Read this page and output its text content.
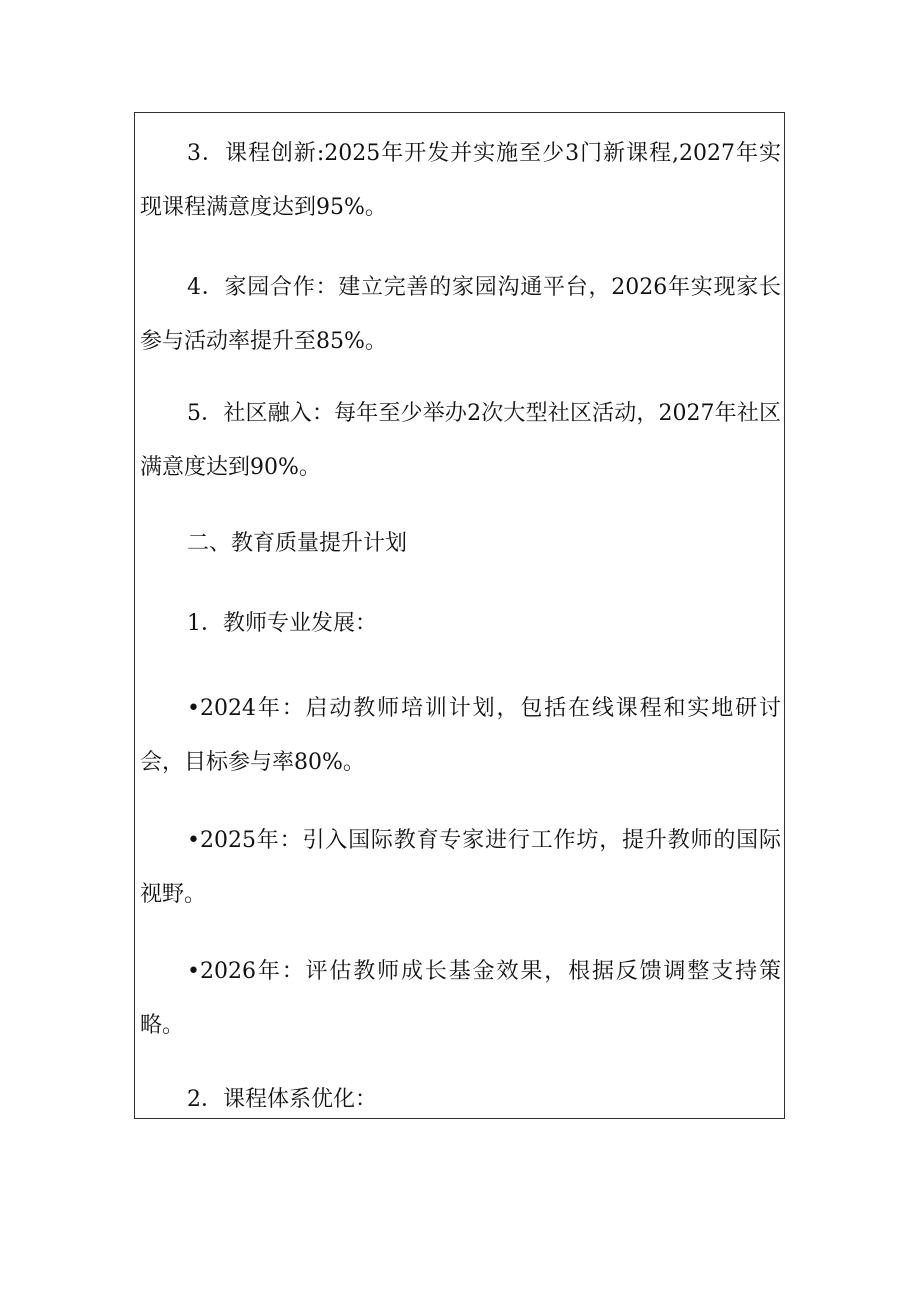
3．课程创新:2025年开发并实施至少3门新课程,2027年实现课程满意度达到95%。

4．家园合作：建立完善的家园沟通平台，2026年实现家长参与活动率提升至85%。

5．社区融入：每年至少举办2次大型社区活动，2027年社区满意度达到90%。

二、教育质量提升计划

1．教师专业发展：

•2024年：启动教师培训计划，包括在线课程和实地研讨会，目标参与率80%。

•2025年：引入国际教育专家进行工作坊，提升教师的国际视野。

•2026年：评估教师成长基金效果，根据反馈调整支持策略。

2．课程体系优化：
